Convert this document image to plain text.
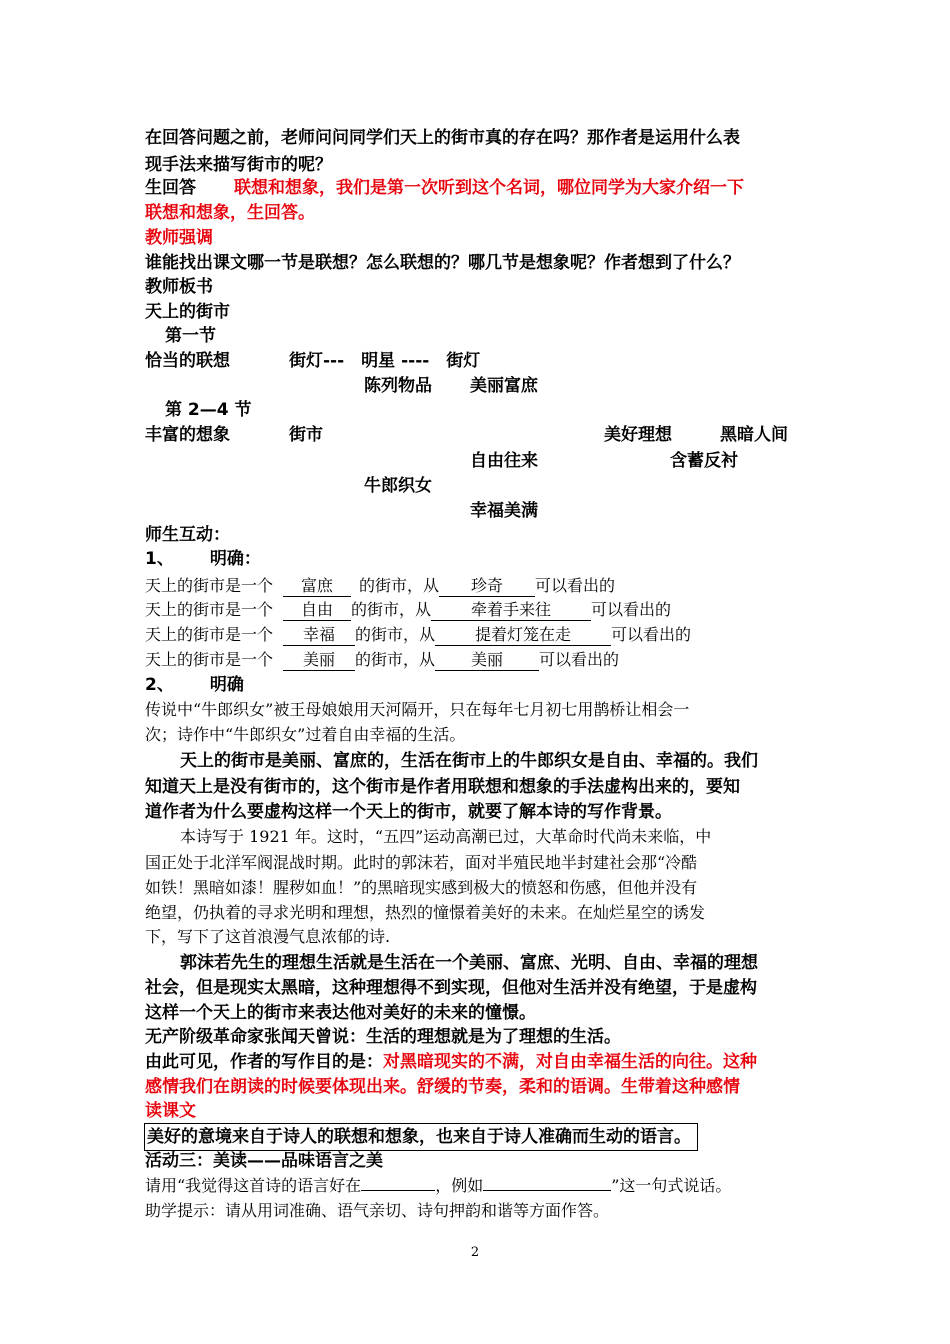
在回答问题之前，老师问问同学们天上的街市真的存在吗？那作者是运用什么表
现手法来描写街市的呢？
生回答 联想和想象，我们是第一次听到这个名词，哪位同学为大家介绍一下
联想和想象，生回答。
教师强调
谁能找出课文哪一节是联想？怎么联想的？哪几节是想象呢？作者想到了什么？
教师板书
天上的街市
第一节
恰当的联想	街灯---　明星 ----　街灯
陈列物品 美丽富庶
第 2—4 节
丰富的想象	街市	美好理想	黑暗人间
自由往来	含蓄反衬
牛郎织女
幸福美满
师生互动：
1、 明确：
天上的街市是一个 富庶 的街市，从 珍奇 可以看出的
天上的街市是一个 自由 的街市，从 牵着手来往	可以看出的
天上的街市是一个 幸福 的街市，从 提着灯笼在走	可以看出的
天上的街市是一个 美丽 的街市，从 美丽 可以看出的
2、 明确
传说中“牛郎织女”被王母娘娘用天河隔开，只在每年七月初七用鹊桥让相会一
次；诗作中“牛郎织女”过着自由幸福的生活。
天上的街市是美丽、富庶的，生活在街市上的牛郎织女是自由、幸福的。我们
知道天上是没有街市的，这个街市是作者用联想和想象的手法虚构出来的，要知
道作者为什么要虚构这样一个天上的街市，就要了解本诗的写作背景。
本诗写于 1921 年。这时，“五四”运动高潮已过，大革命时代尚未来临，中
国正处于北洋军阀混战时期。此时的郭沫若，面对半殖民地半封建社会那“冷酷
如铁！黑暗如漆！腥秽如血！”的黑暗现实感到极大的愤怒和伤感，但他并没有
绝望，仍执着的寻求光明和理想，热烈的憧憬着美好的未来。在灿烂星空的诱发
下，写下了这首浪漫气息浓郁的诗.
郭沫若先生的理想生活就是生活在一个美丽、富庶、光明、自由、幸福的理想
社会，但是现实太黑暗，这种理想得不到实现，但他对生活并没有绝望，于是虚构
这样一个天上的街市来表达他对美好的未来的憧憬。
无产阶级革命家张闻天曾说：生活的理想就是为了理想的生活。
由此可见，作者的写作目的是：对黑暗现实的不满，对自由幸福生活的向往。这种
感情我们在朗读的时候要体现出来。舒缓的节奏，柔和的语调。生带着这种感情
读课文
美好的意境来自于诗人的联想和想象，也来自于诗人准确而生动的语言。
活动三：美读——品味语言之美
请用“我觉得这首诗的语言好在	，例如	”这一句式说话。
助学提示：请从用词准确、语气亲切、诗句押韵和谐等方面作答。
2
